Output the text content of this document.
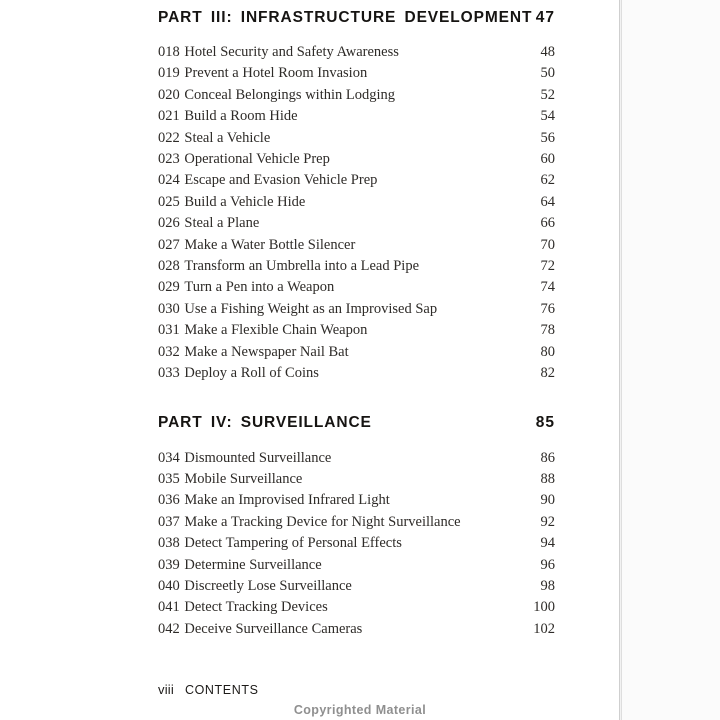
PART III: INFRASTRUCTURE DEVELOPMENT 47
018 Hotel Security and Safety Awareness	48
019 Prevent a Hotel Room Invasion	50
020 Conceal Belongings within Lodging	52
021 Build a Room Hide	54
022 Steal a Vehicle	56
023 Operational Vehicle Prep	60
024 Escape and Evasion Vehicle Prep	62
025 Build a Vehicle Hide	64
026 Steal a Plane	66
027 Make a Water Bottle Silencer	70
028 Transform an Umbrella into a Lead Pipe	72
029 Turn a Pen into a Weapon	74
030 Use a Fishing Weight as an Improvised Sap	76
031 Make a Flexible Chain Weapon	78
032 Make a Newspaper Nail Bat	80
033 Deploy a Roll of Coins	82
PART IV: SURVEILLANCE	85
034 Dismounted Surveillance	86
035 Mobile Surveillance	88
036 Make an Improvised Infrared Light	90
037 Make a Tracking Device for Night Surveillance	92
038 Detect Tampering of Personal Effects	94
039 Determine Surveillance	96
040 Discreetly Lose Surveillance	98
041 Detect Tracking Devices	100
042 Deceive Surveillance Cameras	102
viii CONTENTS
Copyrighted Material
